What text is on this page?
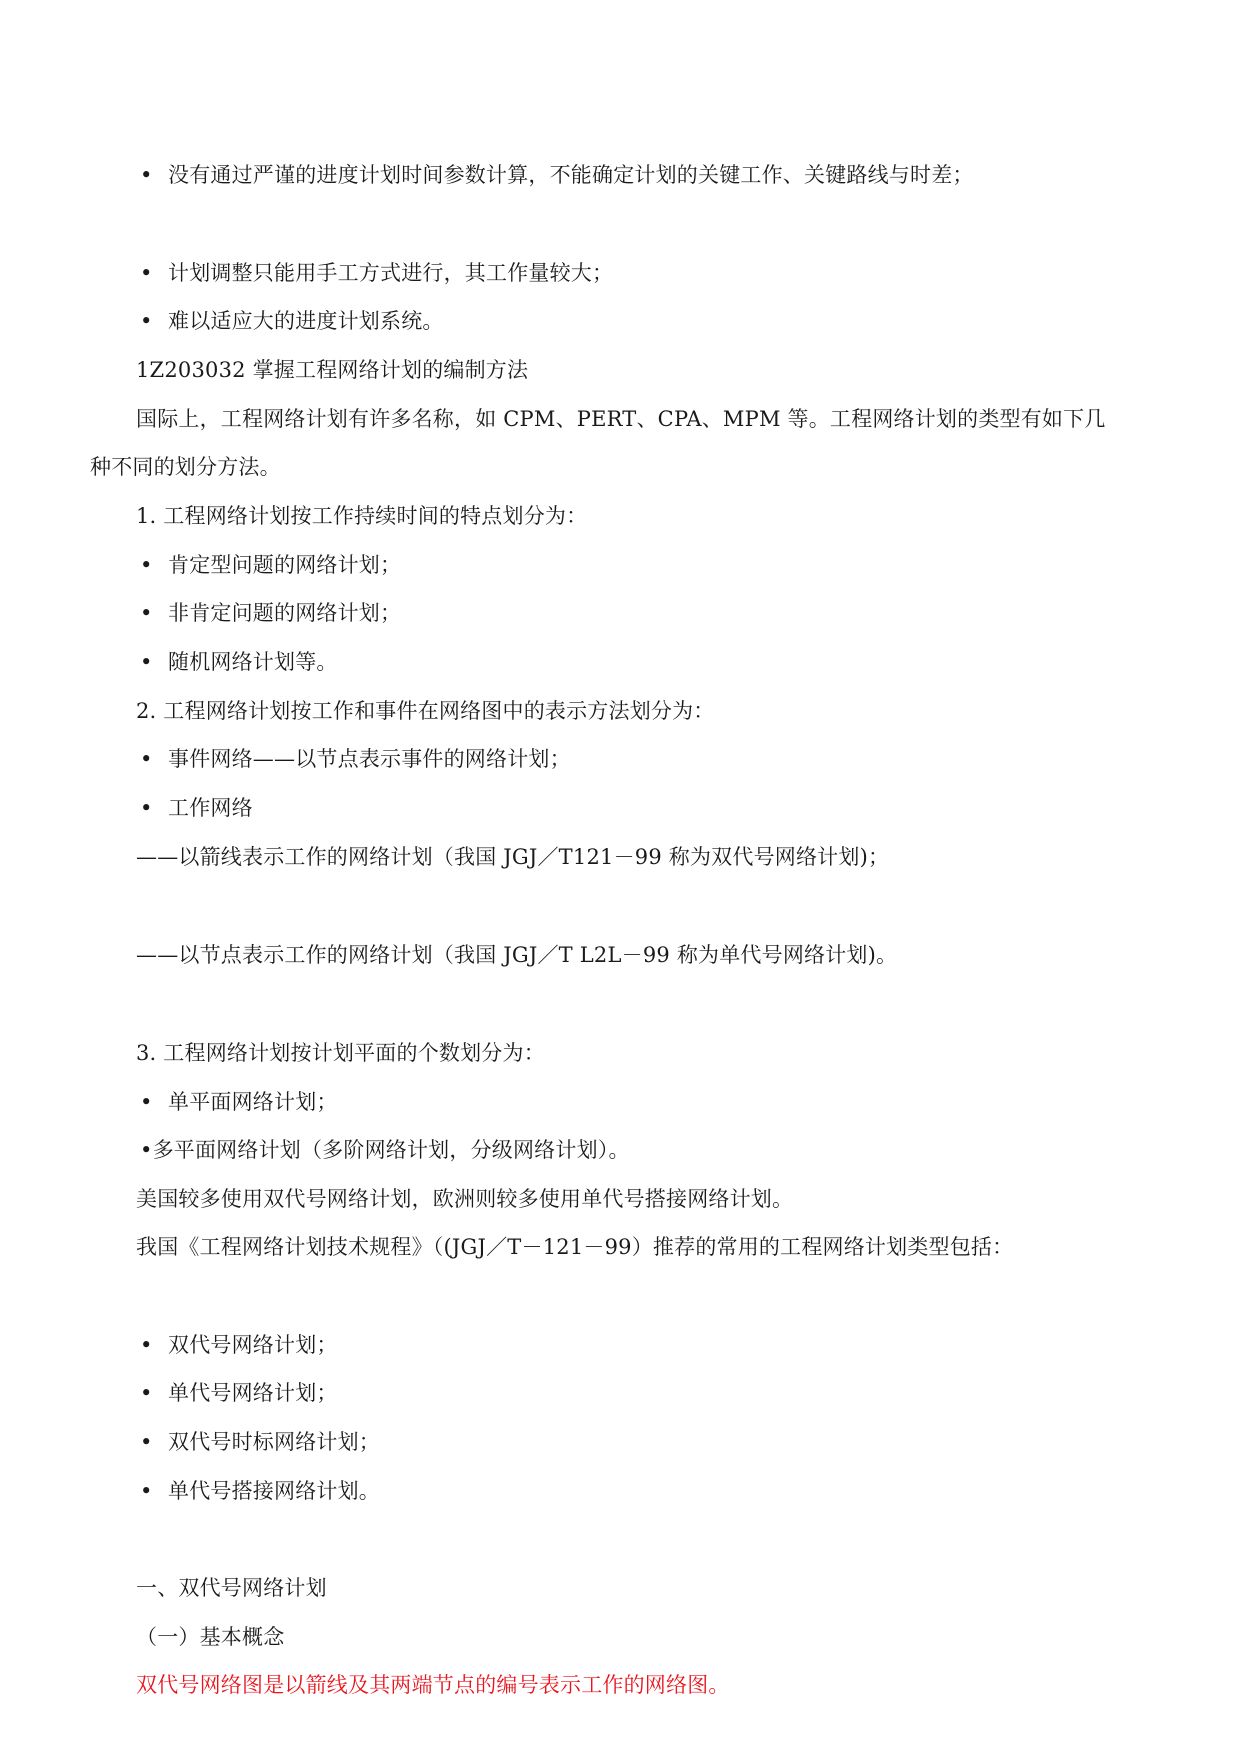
• 没有通过严谨的进度计划时间参数计算，不能确定计划的关键工作、关键路线与时差；
• 计划调整只能用手工方式进行，其工作量较大；
• 难以适应大的进度计划系统。
1Z203032 掌握工程网络计划的编制方法
国际上，工程网络计划有许多名称，如 CPM、PERT、CPA、MPM 等。工程网络计划的类型有如下几
种不同的划分方法。
1. 工程网络计划按工作持续时间的特点划分为：
• 肯定型问题的网络计划；
• 非肯定问题的网络计划；
• 随机网络计划等。
2. 工程网络计划按工作和事件在网络图中的表示方法划分为：
• 事件网络——以节点表示事件的网络计划；
• 工作网络
——以箭线表示工作的网络计划（我国 JGJ／T121－99 称为双代号网络计划)；
——以节点表示工作的网络计划（我国 JGJ／T L2L－99 称为单代号网络计划)。
3. 工程网络计划按计划平面的个数划分为：
• 单平面网络计划；
•多平面网络计划（多阶网络计划，分级网络计划）。
美国较多使用双代号网络计划，欧洲则较多使用单代号搭接网络计划。
我国《工程网络计划技术规程》（(JGJ／T－121－99）推荐的常用的工程网络计划类型包括：
• 双代号网络计划；
• 单代号网络计划；
• 双代号时标网络计划；
• 单代号搭接网络计划。
一、双代号网络计划
（一）基本概念
双代号网络图是以箭线及其两端节点的编号表示工作的网络图。
